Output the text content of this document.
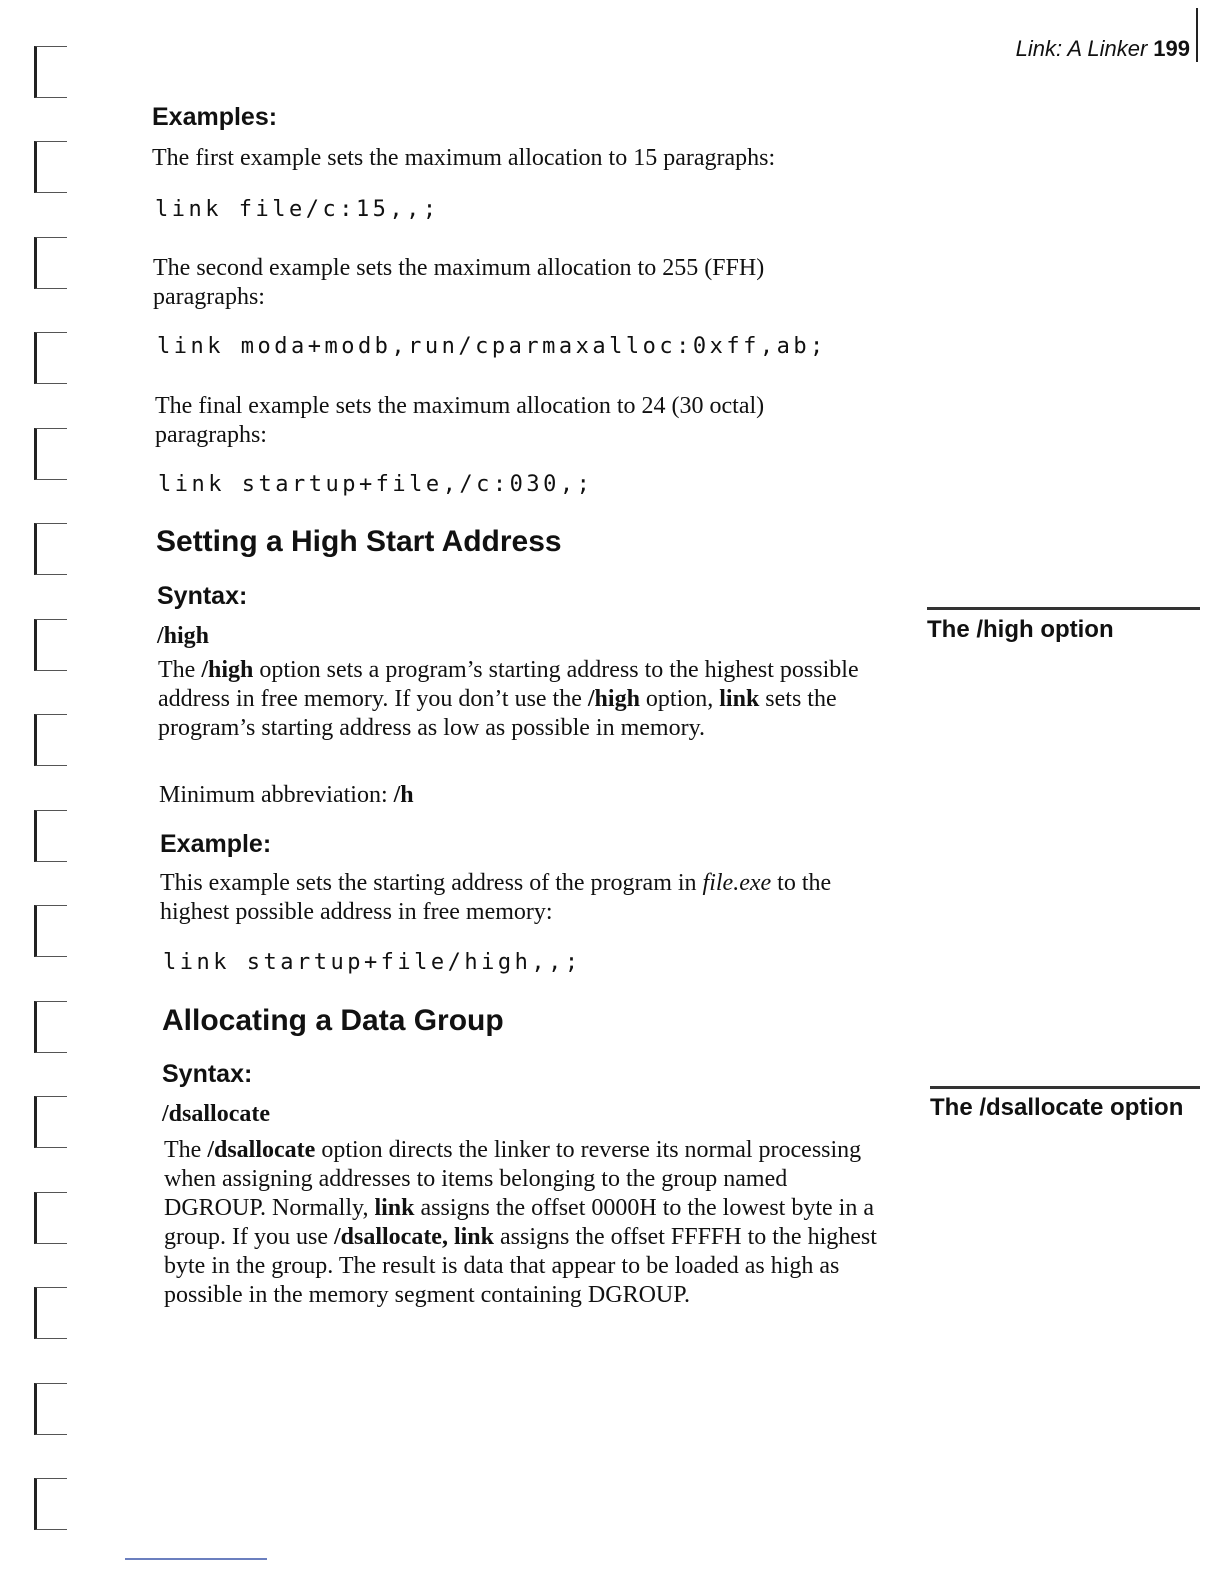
Link: A Linker 199
Examples:
The first example sets the maximum allocation to 15 paragraphs:
link file/c:15,,;
The second example sets the maximum allocation to 255 (FFH) paragraphs:
link moda+modb,run/cparmaxalloc:0xff,ab;
The final example sets the maximum allocation to 24 (30 octal) paragraphs:
link startup+file,/c:030,;
Setting a High Start Address
Syntax:
/high	The /high option
The /high option sets a program’s starting address to the highest possible address in free memory. If you don’t use the /high option, link sets the program’s starting address as low as possible in memory.
Minimum abbreviation: /h
Example:
This example sets the starting address of the program in file.exe to the highest possible address in free memory:
link startup+file/high,,;
Allocating a Data Group
Syntax:
/dsallocate	The /dsallocate option
The /dsallocate option directs the linker to reverse its normal processing when assigning addresses to items belonging to the group named DGROUP. Normally, link assigns the offset 0000H to the lowest byte in a group. If you use /dsallocate, link assigns the offset FFFFH to the highest byte in the group. The result is data that appear to be loaded as high as possible in the memory segment containing DGROUP.
